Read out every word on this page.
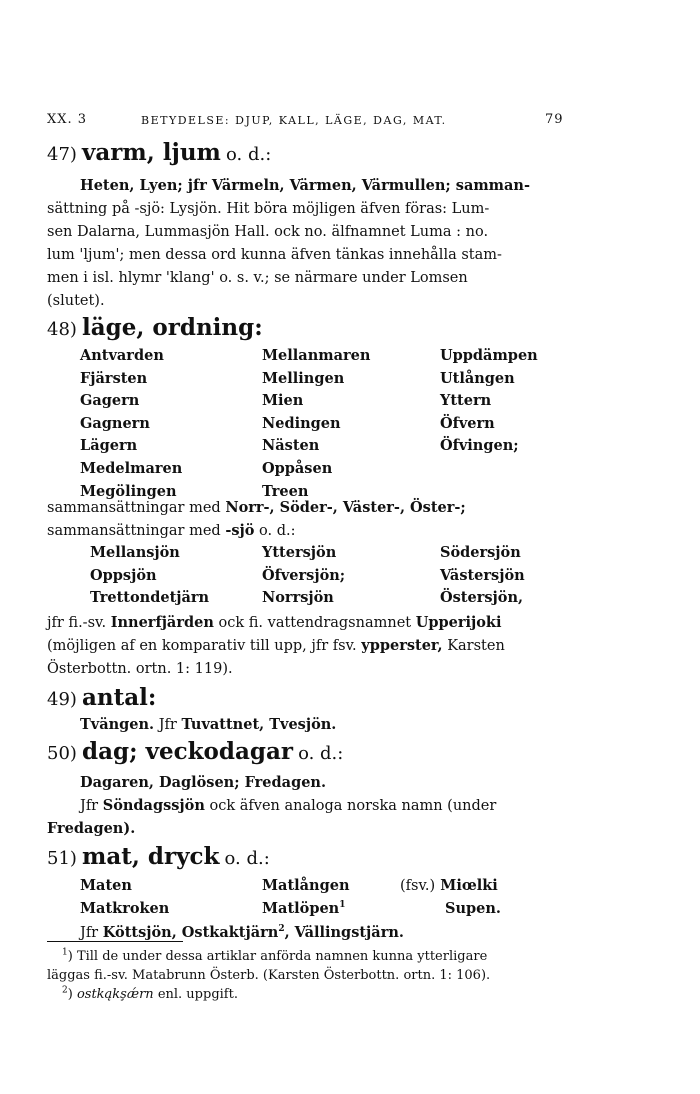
XX. 3	BETYDELSE: DJUP, KALL, LÄGE, DAG, MAT.	79
47) varm, ljum o. d.:
Heten, Lyen; jfr Värmeln, Värmen, Värmullen; samman-
sättning på -sjö: Lysjön. Hit böra möjligen äfven föras: Lum-
sen Dalarna, Lummasjön Hall. ock no. älfnamnet Luma : no.
lum 'ljum'; men dessa ord kunna äfven tänkas innehålla stam-
men i isl. hlymr 'klang' o. s. v.; se närmare under Lomsen
(slutet).
48) läge, ordning:
sammansättningar med Norr-, Söder-, Väster-, Öster-;
sammansättningar med -sjö o. d.:
jfr fi.-sv. Innerfjärden ock fi. vattendragsnamnet Upperijoki
(möjligen af en komparativ till upp, jfr fsv. ypperster, Karsten
Österbottn. ortn. 1: 119).
49) antal:
Tvängen. Jfr Tuvattnet, Tvesjön.
50) dag; veckodagar o. d.:
Dagaren, Daglösen; Fredagen.
Jfr Söndagssjön ock äfven analoga norska namn (under
Fredagen).
51) mat, dryck o. d.:
Maten
Matkroken
Matlången
Matlöpen$^1$
(fsv.) Miœlki
Supen.
Jfr Köttsjön, Ostkaktjärn$^2$, Vällingstjärn.
$^1$) Till de under dessa artiklar anförda namnen kunna ytterligare
läggas fi.-sv. Matabrunn Österb. (Karsten Österbottn. ortn. 1: 106).
$^2$) ostkąkşǽrn enl. uppgift.
Antvarden
Fjärsten
Gagern
Gagnern
Lägern
Medelmaren
Megölingen
Mellanmaren
Mellingen
Mien
Nedingen
Nästen
Oppåsen
Treen
Uppdämpen
Utlången
Yttern
Öfvern
Öfvingen;
Mellansjön
Oppsjön
Trettondetjärn
Yttersjön
Öfversjön;
Norrsjön
Södersjön
Västersjön
Östersjön,
